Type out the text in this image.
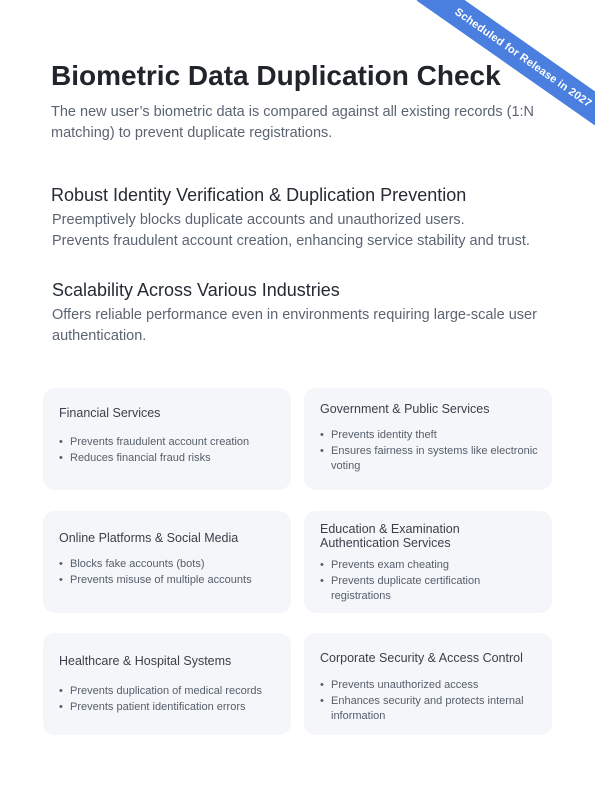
Scheduled for Release in 2027
Biometric Data Duplication Check

The new user’s biometric data is compared against all existing records (1:N matching) to prevent duplicate registrations.

Robust Identity Verification & Duplication Prevention

Preemptively blocks duplicate accounts and unauthorized users.

Prevents fraudulent account creation, enhancing service stability and trust.

Scalability Across Various Industries

Offers reliable performance even in environments requiring large-scale user authentication.

Financial Services
• Prevents fraudulent account creation
• Reduces financial fraud risks
Government & Public Services
• Prevents identity theft
• Ensures fairness in systems like electronic voting
Online Platforms & Social Media
• Blocks fake accounts (bots)
• Prevents misuse of multiple accounts
Education & Examination Authentication Services
• Prevents exam cheating
• Prevents duplicate certification registrations
Healthcare & Hospital Systems
• Prevents duplication of medical records
• Prevents patient identification errors
Corporate Security & Access Control
• Prevents unauthorized access
• Enhances security and protects internal information
